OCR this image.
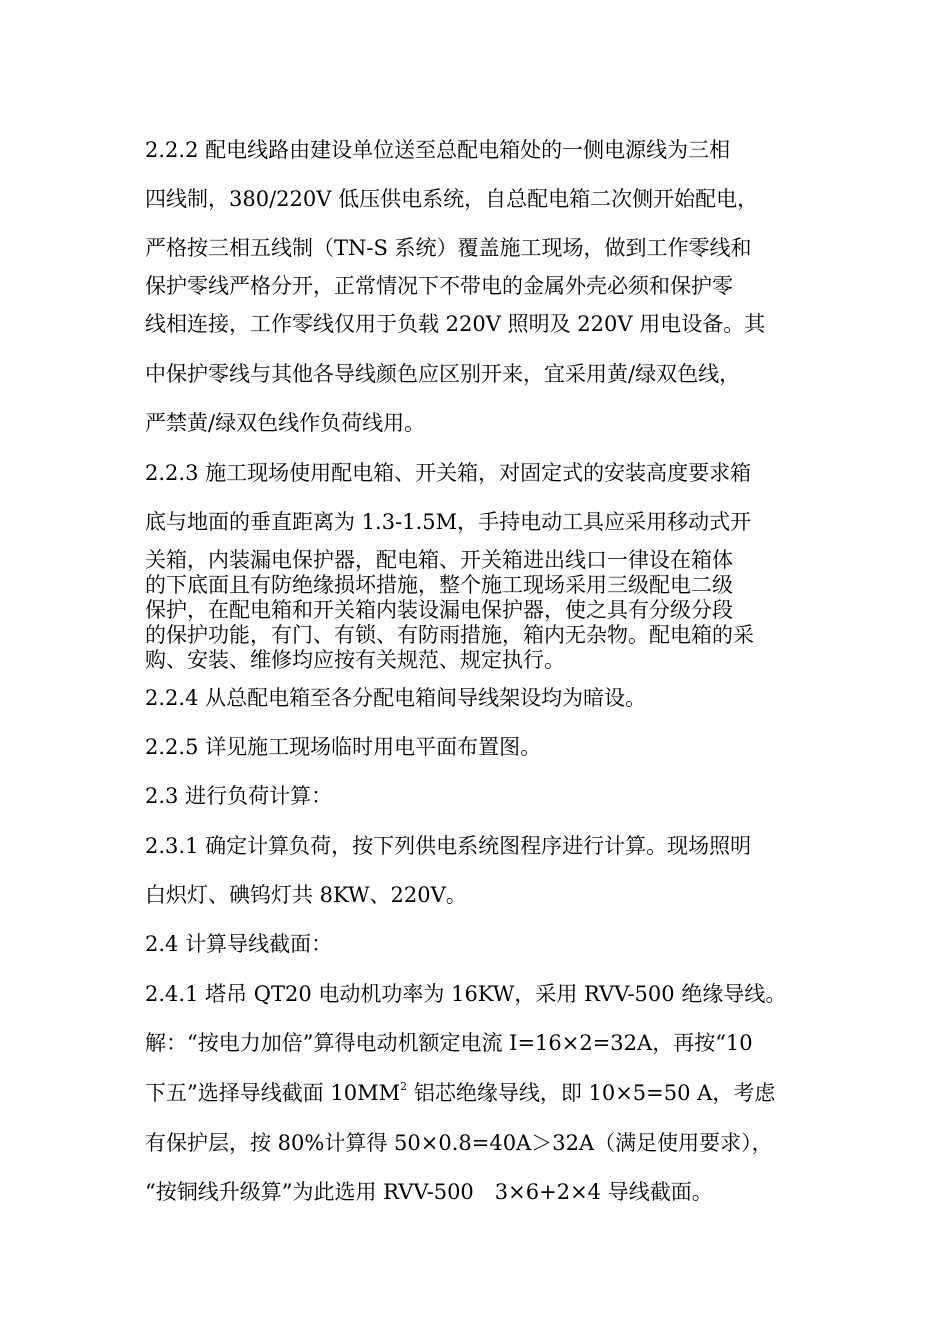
2.2.2 配电线路由建设单位送至总配电箱处的一侧电源线为三相
四线制，380/220V 低压供电系统，自总配电箱二次侧开始配电，
严格按三相五线制（TN-S 系统）覆盖施工现场，做到工作零线和
保护零线严格分开，正常情况下不带电的金属外壳必须和保护零
线相连接，工作零线仅用于负载 220V 照明及 220V 用电设备。其
中保护零线与其他各导线颜色应区别开来，宜采用黄/绿双色线，
严禁黄/绿双色线作负荷线用。
2.2.3 施工现场使用配电箱、开关箱，对固定式的安装高度要求箱
底与地面的垂直距离为 1.3-1.5M，手持电动工具应采用移动式开
关箱，内装漏电保护器，配电箱、开关箱进出线口一律设在箱体
的下底面且有防绝缘损坏措施，整个施工现场采用三级配电二级
保护，在配电箱和开关箱内装设漏电保护器，使之具有分级分段
的保护功能，有门、有锁、有防雨措施，箱内无杂物。配电箱的采
购、安装、维修均应按有关规范、规定执行。
2.2.4 从总配电箱至各分配电箱间导线架设均为暗设。
2.2.5 详见施工现场临时用电平面布置图。
2.3 进行负荷计算：
2.3.1 确定计算负荷，按下列供电系统图程序进行计算。现场照明
白炽灯、碘钨灯共 8KW、220V。
2.4 计算导线截面：
2.4.1 塔吊 QT20 电动机功率为 16KW，采用 RVV-500 绝缘导线。
解：“按电力加倍”算得电动机额定电流 I=16×2=32A，再按“10
下五”选择导线截面 $10MM^2$ 铝芯绝缘导线，即 10×5=50 A，考虑
有保护层，按 80%计算得 50×0.8=40A＞32A（满足使用要求），
“按铜线升级算”为此选用 RVV-500　3×6+2×4 导线截面。
